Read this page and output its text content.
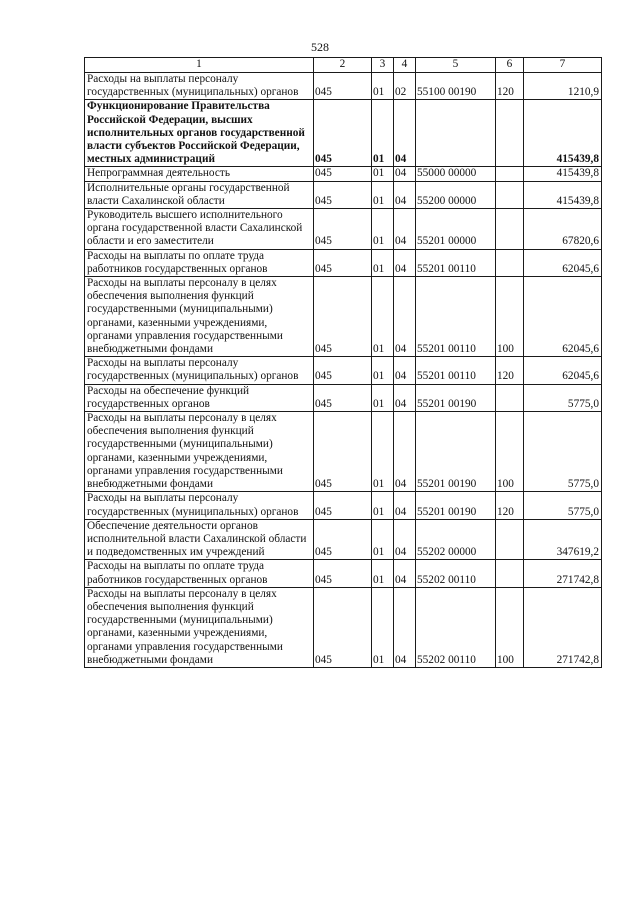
528
1	2	3	4	5	6	7
Расходы на выплаты персоналу государственных (муниципальных) органов	045	01	02	55100 00190	120	1210,9
Функционирование Правительства Российской Федерации, высших исполнительных органов государственной власти субъектов Российской Федерации, местных администраций	045	01	04			415439,8
Непрограммная деятельность	045	01	04	55000 00000		415439,8
Исполнительные органы государственной власти Сахалинской области	045	01	04	55200 00000		415439,8
Руководитель высшего исполнительного органа государственной власти Сахалинской области и его заместители	045	01	04	55201 00000		67820,6
Расходы на выплаты по оплате труда работников государственных органов	045	01	04	55201 00110		62045,6
Расходы на выплаты персоналу в целях обеспечения выполнения функций государственными (муниципальными) органами, казенными учреждениями, органами управления государственными внебюджетными фондами	045	01	04	55201 00110	100	62045,6
Расходы на выплаты персоналу государственных (муниципальных) органов	045	01	04	55201 00110	120	62045,6
Расходы на обеспечение функций государственных органов	045	01	04	55201 00190		5775,0
Расходы на выплаты персоналу в целях обеспечения выполнения функций государственными (муниципальными) органами, казенными учреждениями, органами управления государственными внебюджетными фондами	045	01	04	55201 00190	100	5775,0
Расходы на выплаты персоналу государственных (муниципальных) органов	045	01	04	55201 00190	120	5775,0
Обеспечение деятельности органов исполнительной власти Сахалинской области и подведомственных им учреждений	045	01	04	55202 00000		347619,2
Расходы на выплаты по оплате труда работников государственных органов	045	01	04	55202 00110		271742,8
Расходы на выплаты персоналу в целях обеспечения выполнения функций государственными (муниципальными) органами, казенными учреждениями, органами управления государственными внебюджетными фондами	045	01	04	55202 00110	100	271742,8
